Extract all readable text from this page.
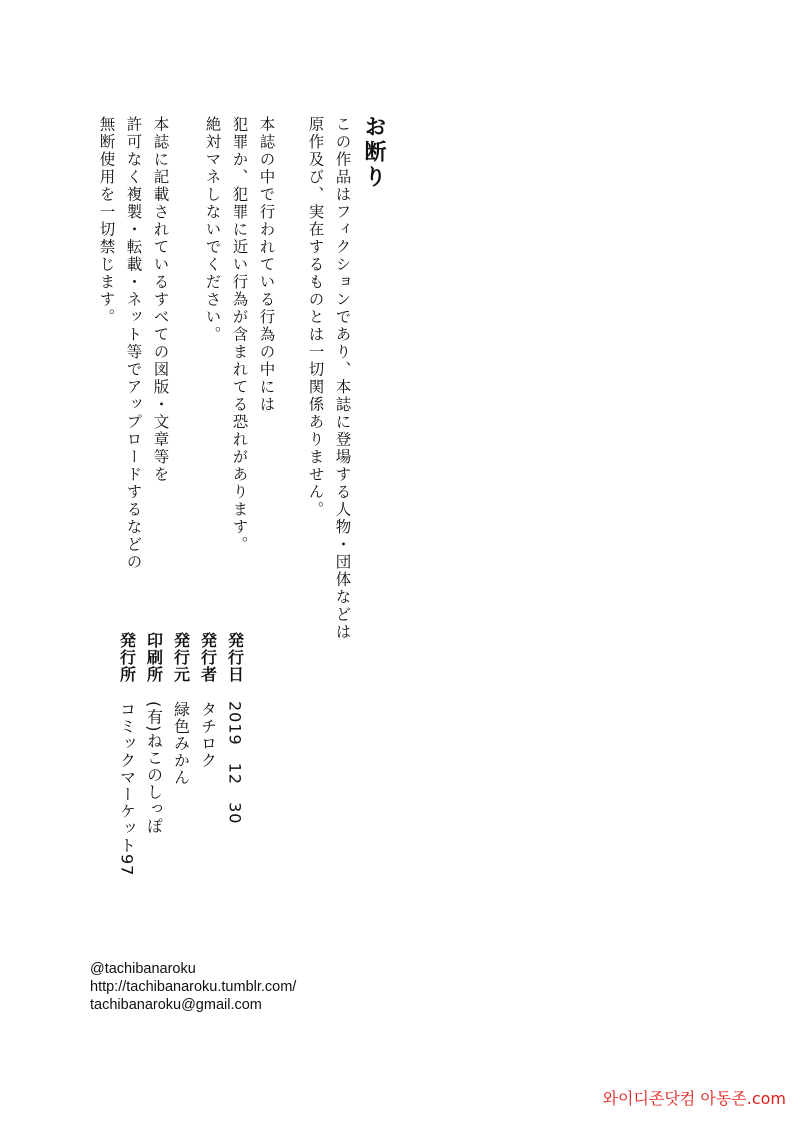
お断り
この作品はフィクションであり、本誌に登場する人物・団体などは
原作及び、実在するものとは一切関係ありません。
本誌の中で行われている行為の中には
犯罪か、犯罪に近い行為が含まれてる恐れがあります。
絶対マネしないでください。
本誌に記載されているすべての図版・文章等を
許可なく複製・転載・ネット等でアップロードするなどの
無断使用を一切禁じます。
発行日2019　12　30
発行者タチロク
発行元緑色みかん
印刷所(有)ねこのしっぽ
発行所コミックマーケット97
@tachibanaroku
http://tachibanaroku.tumblr.com/
tachibanaroku@gmail.com
와이디존닷컴 아동존.com
